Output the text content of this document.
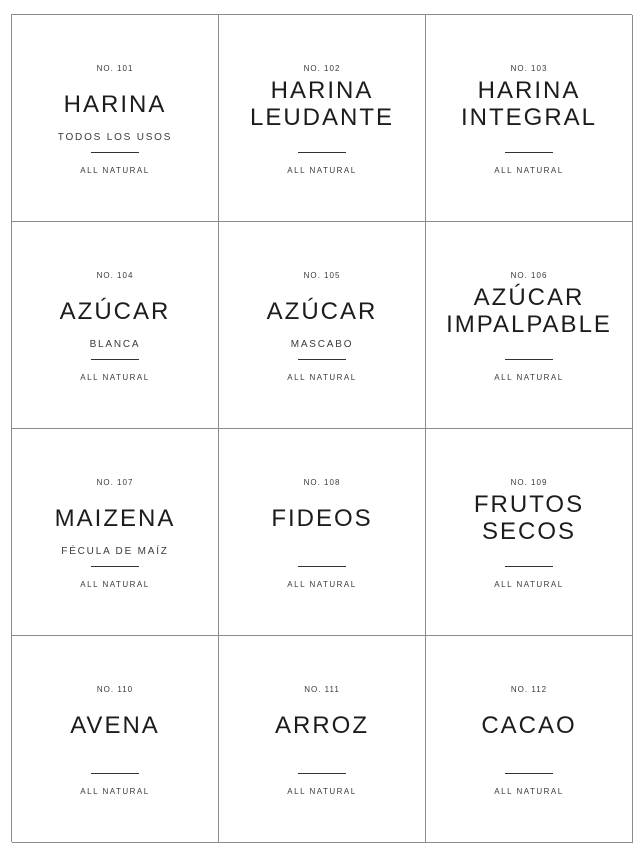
NO. 101
HARINA
TODOS LOS USOS
ALL NATURAL
NO. 102
HARINA
LEUDANTE
ALL NATURAL
NO. 103
HARINA
INTEGRAL
ALL NATURAL
NO. 104
AZÚCAR
BLANCA
ALL NATURAL
NO. 105
AZÚCAR
MASCABO
ALL NATURAL
NO. 106
AZÚCAR
IMPALPABLE
ALL NATURAL
NO. 107
MAIZENA
FÉCULA DE MAÍZ
ALL NATURAL
NO. 108
FIDEOS
ALL NATURAL
NO. 109
FRUTOS
SECOS
ALL NATURAL
NO. 110
AVENA
ALL NATURAL
NO. 111
ARROZ
ALL NATURAL
NO. 112
CACAO
ALL NATURAL
